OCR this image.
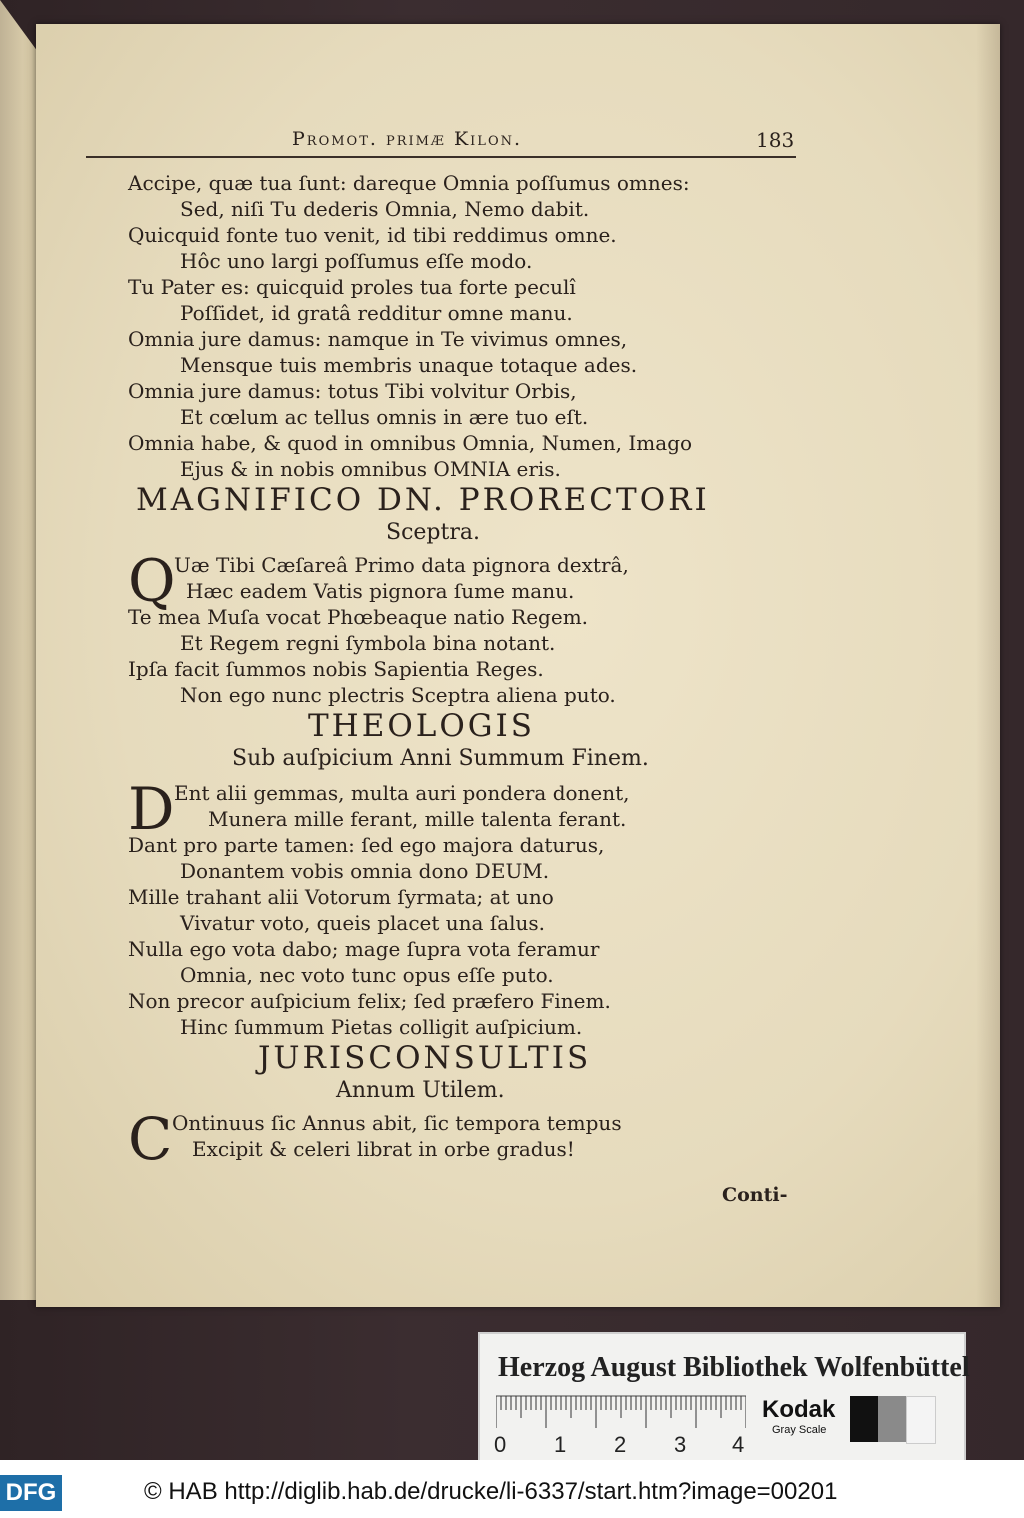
Promot. primæ Kilon.	183
Accipe, quæ tua ſunt: dareque Omnia poſſumus omnes:
Sed, niſi Tu dederis Omnia, Nemo dabit.
Quicquid fonte tuo venit, id tibi reddimus omne.
Hôc uno largi poſſumus eſſe modo.
Tu Pater es: quicquid proles tua forte peculî
Poſſidet, id gratâ redditur omne manu.
Omnia jure damus: namque in Te vivimus omnes,
Mensque tuis membris unaque totaque ades.
Omnia jure damus: totus Tibi volvitur Orbis,
Et cœlum ac tellus omnis in ære tuo eſt.
Omnia habe, & quod in omnibus Omnia, Numen, Imago
Ejus & in nobis omnibus OMNIA eris.
MAGNIFICO DN. PRORECTORI
Sceptra.
Q
Uæ Tibi Cæſareâ Primo data pignora dextrâ,
Hæc eadem Vatis pignora ſume manu.
Te mea Muſa vocat Phœbeaque natio Regem.
Et Regem regni ſymbola bina notant.
Ipſa facit ſummos nobis Sapientia Reges.
Non ego nunc plectris Sceptra aliena puto.
THEOLOGIS
Sub auſpicium Anni Summum Finem.
D Ent alii gemmas, multa auri pondera donent,
Munera mille ferant, mille talenta ferant.
Dant pro parte tamen: ſed ego majora daturus,
Donantem vobis omnia dono DEUM.
Mille trahant alii Votorum ſyrmata; at uno
Vivatur voto, queis placet una ſalus.
Nulla ego vota dabo; mage ſupra vota feramur
Omnia, nec voto tunc opus eſſe puto.
Non precor auſpicium felix; ſed præfero Finem.
Hinc ſummum Pietas colligit auſpicium.
JURISCONSULTIS
Annum Utilem.
C Ontinuus ſic Annus abit, ſic tempora tempus
Excipit & celeri librat in orbe gradus!
Conti-
Herzog August Bibliothek Wolfenbüttel
0 1 2 3 4
Kodak
Gray Scale
DFG	© HAB http://diglib.hab.de/drucke/li-6337/start.htm?image=00201
